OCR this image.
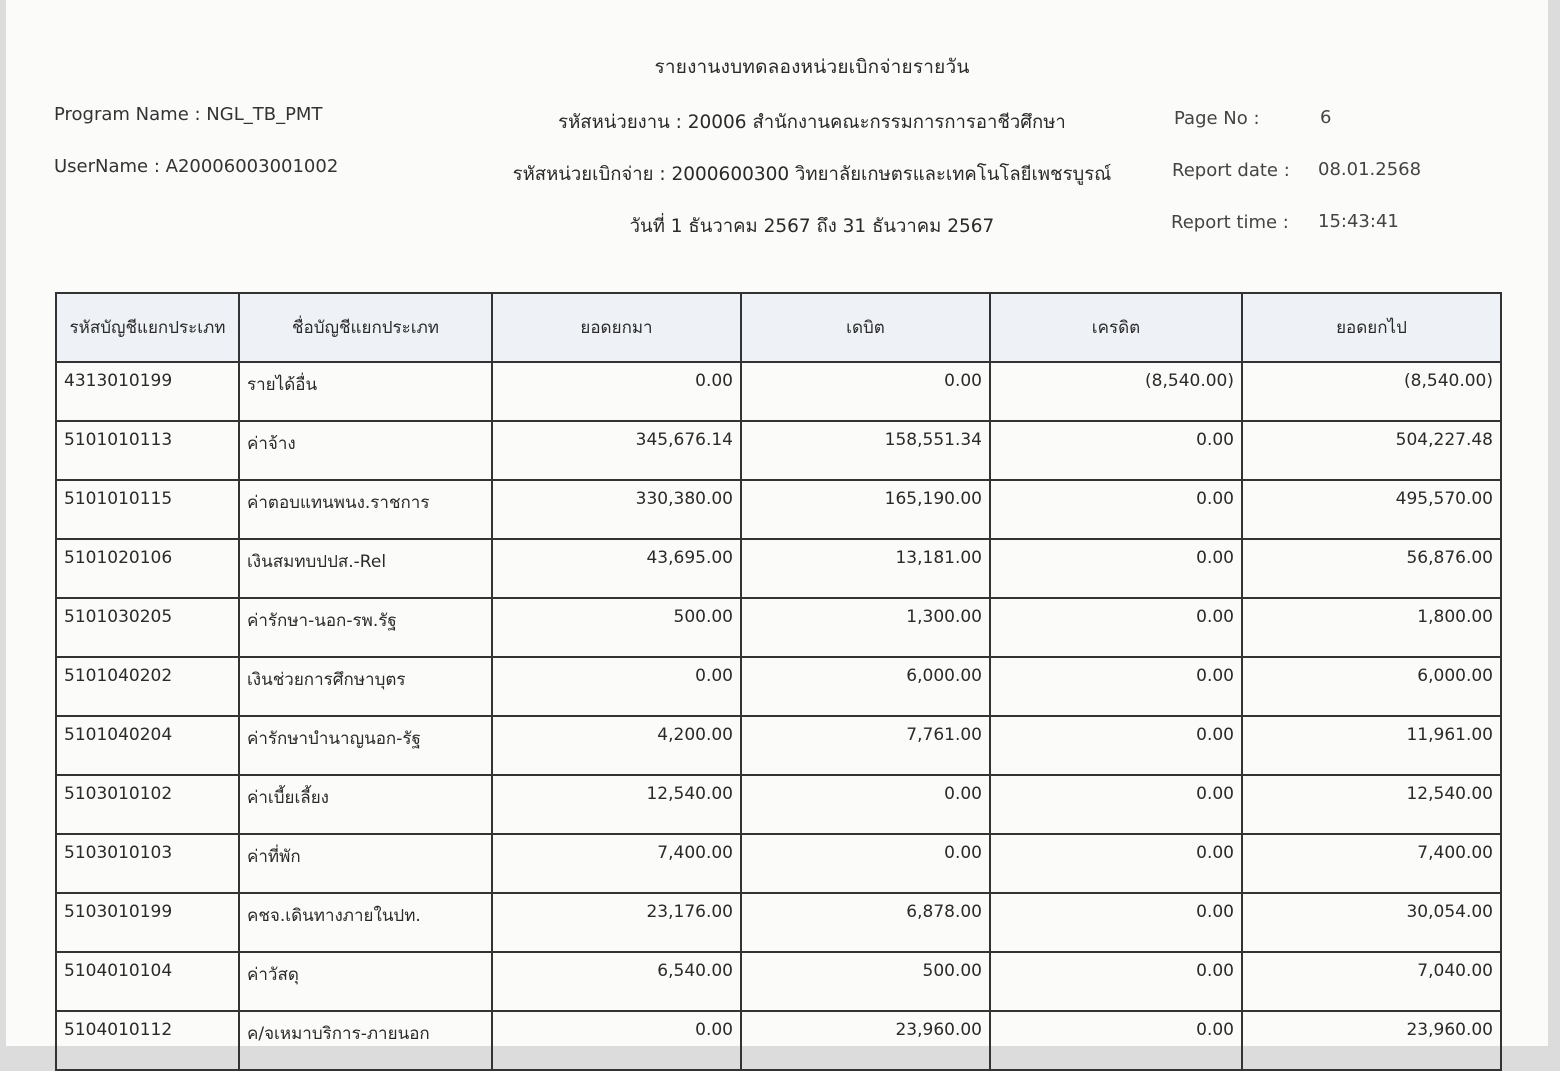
รายงานงบทดลองหน่วยเบิกจ่ายรายวัน
Program Name : NGL_TB_PMT
UserName : A20006003001002
รหัสหน่วยงาน : 20006 สำนักงานคณะกรรมการการอาชีวศึกษา
รหัสหน่วยเบิกจ่าย : 2000600300 วิทยาลัยเกษตรและเทคโนโลยีเพชรบูรณ์
วันที่ 1 ธันวาคม 2567 ถึง 31 ธันวาคม 2567
Page No :	6
Report date : 08.01.2568
Report time : 15:43:41
รหัสบัญชีแยกประเภท	ชื่อบัญชีแยกประเภท	ยอดยกมา	เดบิต	เครดิต	ยอดยกไป
4313010199	รายได้อื่น	0.00	0.00	(8,540.00)	(8,540.00)
5101010113	ค่าจ้าง	345,676.14	158,551.34	0.00	504,227.48
5101010115	ค่าตอบแทนพนง.ราชการ	330,380.00	165,190.00	0.00	495,570.00
5101020106	เงินสมทบปปส.-Rel	43,695.00	13,181.00	0.00	56,876.00
5101030205	ค่ารักษา-นอก-รพ.รัฐ	500.00	1,300.00	0.00	1,800.00
5101040202	เงินช่วยการศึกษาบุตร	0.00	6,000.00	0.00	6,000.00
5101040204	ค่ารักษาบำนาญนอก-รัฐ	4,200.00	7,761.00	0.00	11,961.00
5103010102	ค่าเบี้ยเลี้ยง	12,540.00	0.00	0.00	12,540.00
5103010103	ค่าที่พัก	7,400.00	0.00	0.00	7,400.00
5103010199	คชจ.เดินทางภายในปท.	23,176.00	6,878.00	0.00	30,054.00
5104010104	ค่าวัสดุ	6,540.00	500.00	0.00	7,040.00
5104010112	ค/จเหมาบริการ-ภายนอก	0.00	23,960.00	0.00	23,960.00
